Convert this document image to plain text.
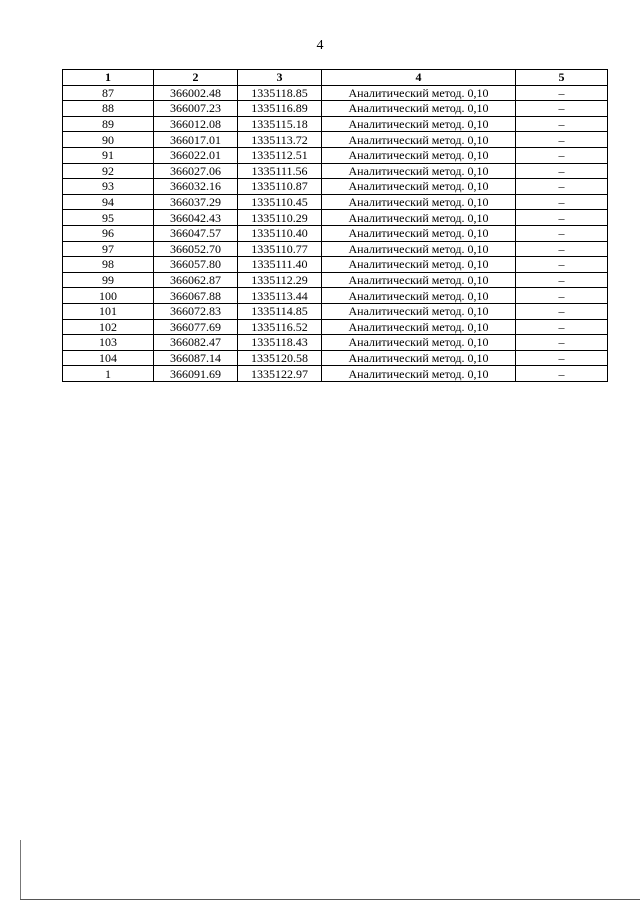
4
1	2	3	4	5
87	366002.48	1335118.85	Аналитический метод. 0,10	–
88	366007.23	1335116.89	Аналитический метод. 0,10	–
89	366012.08	1335115.18	Аналитический метод. 0,10	–
90	366017.01	1335113.72	Аналитический метод. 0,10	–
91	366022.01	1335112.51	Аналитический метод. 0,10	–
92	366027.06	1335111.56	Аналитический метод. 0,10	–
93	366032.16	1335110.87	Аналитический метод. 0,10	–
94	366037.29	1335110.45	Аналитический метод. 0,10	–
95	366042.43	1335110.29	Аналитический метод. 0,10	–
96	366047.57	1335110.40	Аналитический метод. 0,10	–
97	366052.70	1335110.77	Аналитический метод. 0,10	–
98	366057.80	1335111.40	Аналитический метод. 0,10	–
99	366062.87	1335112.29	Аналитический метод. 0,10	–
100	366067.88	1335113.44	Аналитический метод. 0,10	–
101	366072.83	1335114.85	Аналитический метод. 0,10	–
102	366077.69	1335116.52	Аналитический метод. 0,10	–
103	366082.47	1335118.43	Аналитический метод. 0,10	–
104	366087.14	1335120.58	Аналитический метод. 0,10	–
1	366091.69	1335122.97	Аналитический метод. 0,10	–
